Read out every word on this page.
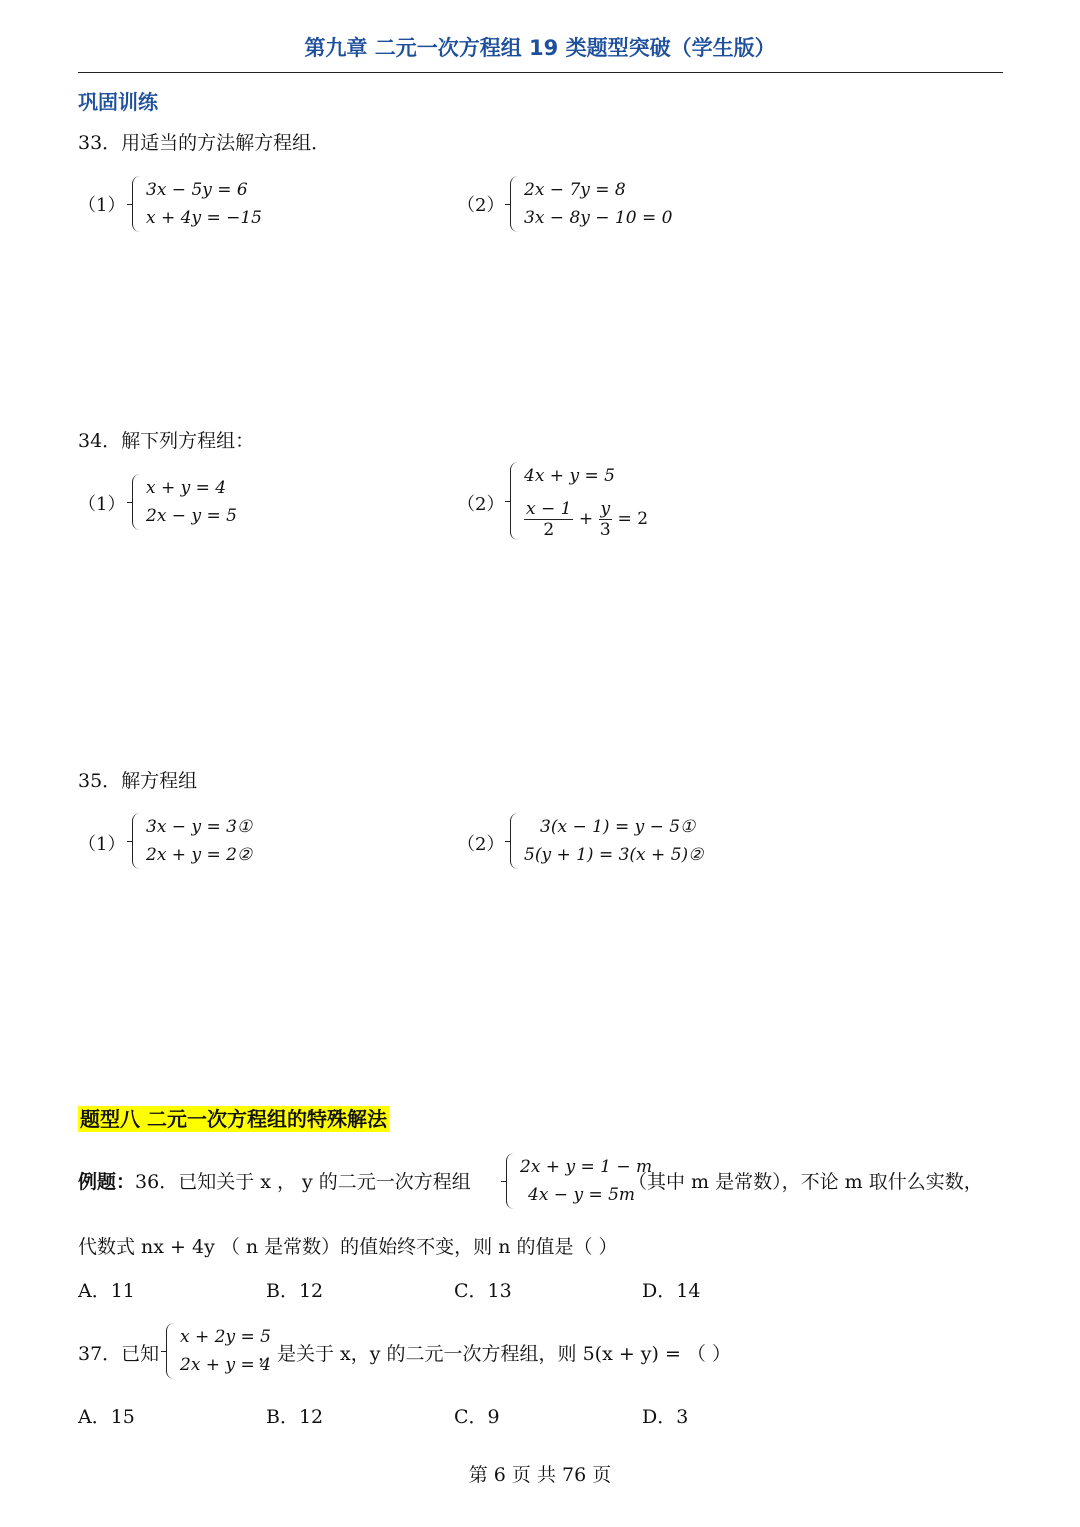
第九章 二元一次方程组 19 类题型突破（学生版）
巩固训练
33．用适当的方法解方程组．
（1）
3x − 5y = 6
x + 4y = −15
（2）
2x − 7y = 8
3x − 8y − 10 = 0
34．解下列方程组：
（1）
x + y = 4
2x − y = 5
（2）
4x + y = 5
$\frac{x - 1}{2} + \frac{y}{3} = 2$
35．解方程组
（1）
3x − y = 3①
2x + y = 2②	（2）
3(x − 1) = y − 5①
5(y + 1) = 3(x + 5)②
题型八 二元一次方程组的特殊解法
例题： 36．已知关于 x ， y 的二元一次方程组
2x + y = 1 − m
4x − y = 5m
（其中 m 是常数），不论 m 取什么实数，
代数式 nx + 4y （ n 是常数）的值始终不变，则 n 的值是（ ）
A．11	B．12	C．13	D．14
37．已知
x + 2y = 5
2x + y = 4
，是关于 x，y 的二元一次方程组，则 5(x + y) = （ ）
A．15	B．12	C．9	D．3
第 6 页 共 76 页
